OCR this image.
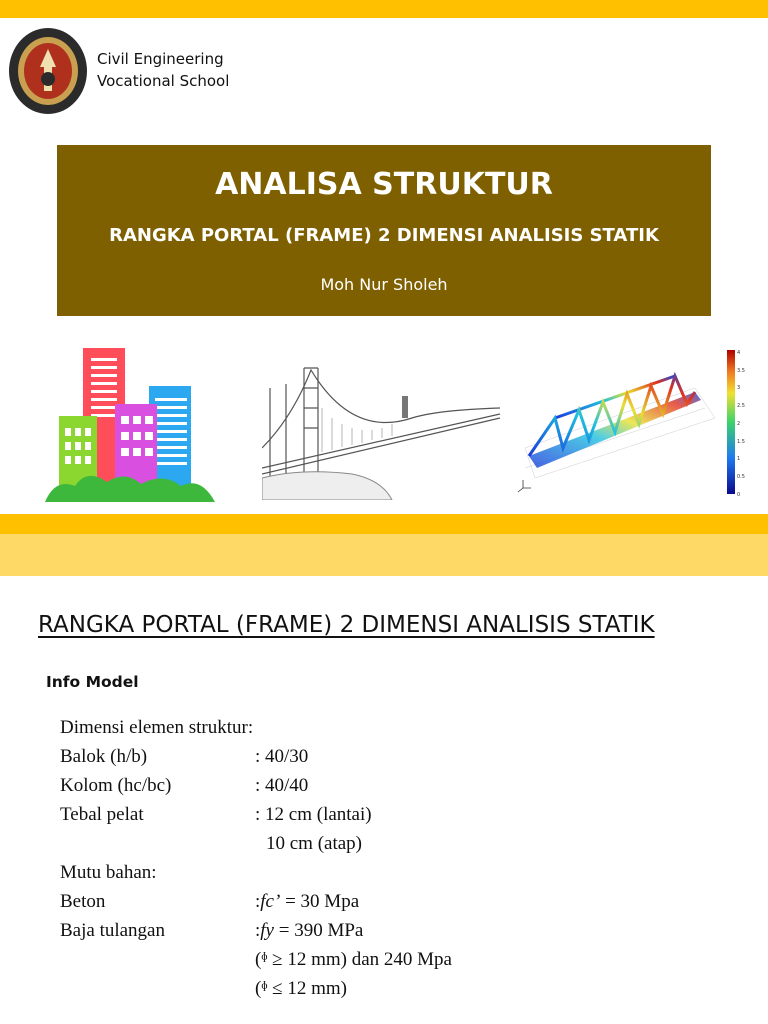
Civil Engineering
Vocational School
ANALISA STRUKTUR
RANGKA PORTAL (FRAME) 2 DIMENSI ANALISIS STATIK
Moh Nur Sholeh
4
3.5
3
2.5
2
1.5
1
0.5
0
RANGKA PORTAL (FRAME) 2 DIMENSI ANALISIS STATIK
Info Model
Dimensi elemen struktur:
Balok (h/b)	: 40/30
Kolom (hc/bc)	: 40/40
Tebal pelat	: 12 cm (lantai)
10 cm (atap)
Mutu bahan:
Beton	:fc’ = 30 Mpa
Baja tulangan	:fy = 390 MPa
(ᶲ ≥ 12 mm) dan 240 Mpa
(ᶲ ≤ 12 mm)
